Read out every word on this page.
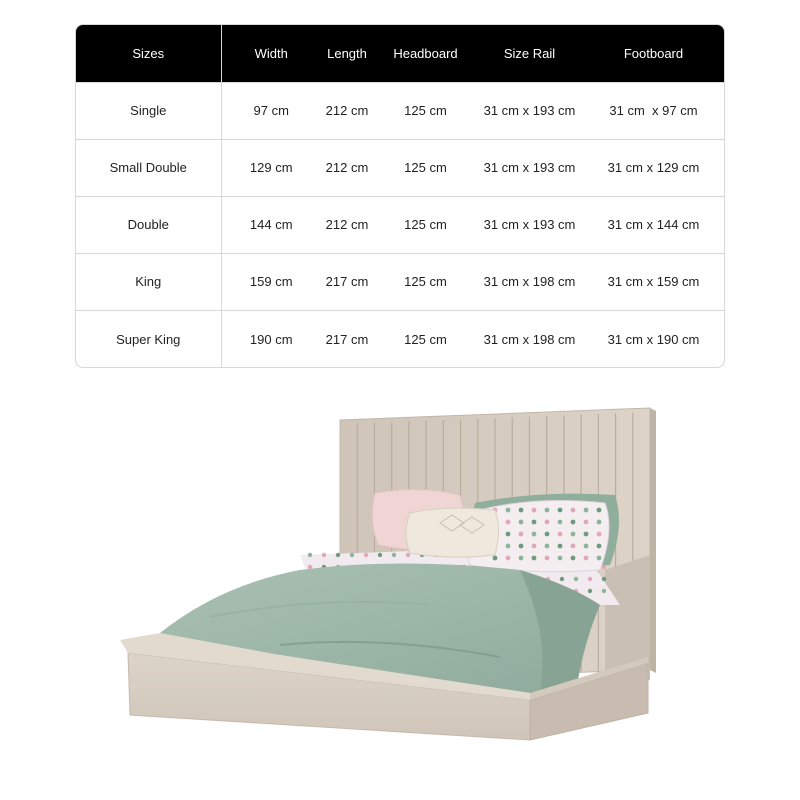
Sizes	Width	Length	Headboard	Size Rail	Footboard
Single	97 cm	212 cm	125 cm	31 cm x 193 cm	31 cm  x 97 cm
Small Double	129 cm	212 cm	125 cm	31 cm x 193 cm	31 cm x 129 cm
Double	144 cm	212 cm	125 cm	31 cm x 193 cm	31 cm x 144 cm
King	159 cm	217 cm	125 cm	31 cm x 198 cm	31 cm x 159 cm
Super King	190 cm	217 cm	125 cm	31 cm x 198 cm	31 cm x 190 cm
